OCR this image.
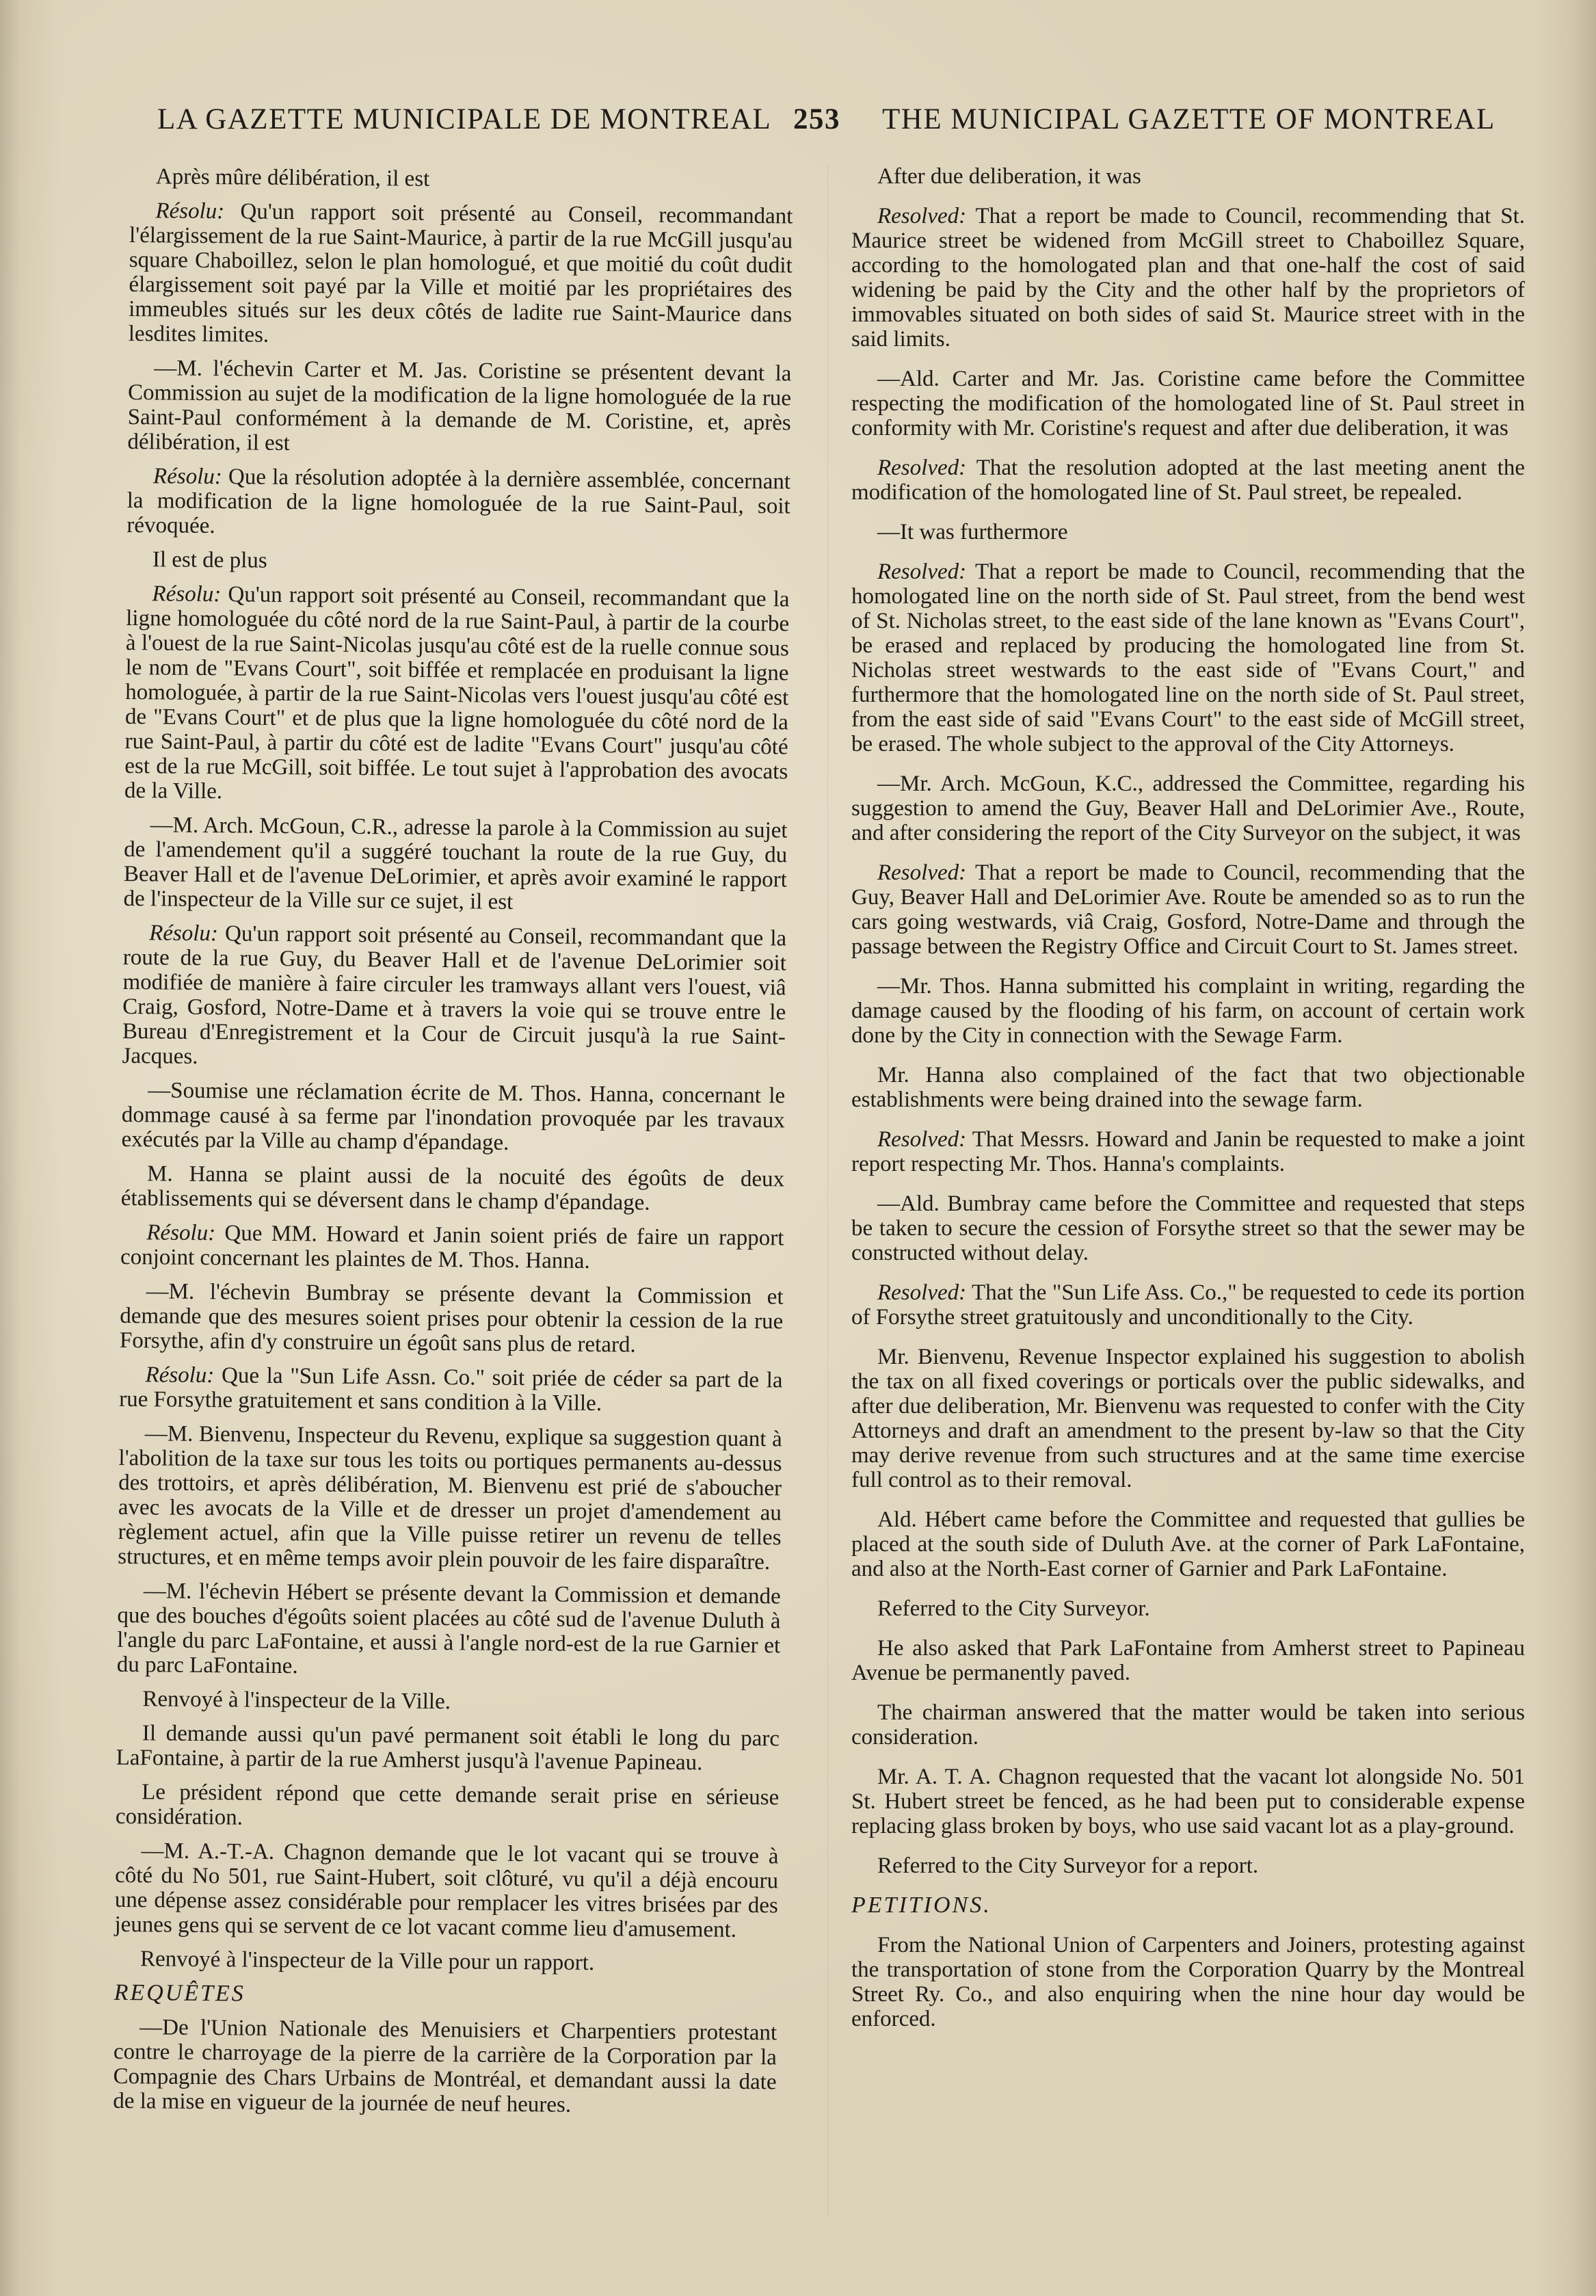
LA GAZETTE MUNICIPALE DE MONTREAL 253 THE MUNICIPAL GAZETTE OF MONTREAL

Après mûre délibération, il est

Résolu: Qu'un rapport soit présenté au Conseil, recommandant l'élargissement de la rue Saint-Maurice, à partir de la rue McGill jusqu'au square Chaboillez, selon le plan homologué, et que moitié du coût dudit élargissement soit payé par la Ville et moitié par les propriétaires des immeubles situés sur les deux côtés de ladite rue Saint-Maurice dans lesdites limites.

—M. l'échevin Carter et M. Jas. Coristine se présentent devant la Commission au sujet de la modification de la ligne homologuée de la rue Saint-Paul conformément à la demande de M. Coristine, et, après délibération, il est

Résolu: Que la résolution adoptée à la dernière assemblée, concernant la modification de la ligne homologuée de la rue Saint-Paul, soit révoquée.

Il est de plus

Résolu: Qu'un rapport soit présenté au Conseil, recommandant que la ligne homologuée du côté nord de la rue Saint-Paul, à partir de la courbe à l'ouest de la rue Saint-Nicolas jusqu'au côté est de la ruelle connue sous le nom de "Evans Court", soit biffée et remplacée en produisant la ligne homologuée, à partir de la rue Saint-Nicolas vers l'ouest jusqu'au côté est de "Evans Court" et de plus que la ligne homologuée du côté nord de la rue Saint-Paul, à partir du côté est de ladite "Evans Court" jusqu'au côté est de la rue McGill, soit biffée. Le tout sujet à l'approbation des avocats de la Ville.

—M. Arch. McGoun, C.R., adresse la parole à la Commission au sujet de l'amendement qu'il a suggéré touchant la route de la rue Guy, du Beaver Hall et de l'avenue DeLorimier, et après avoir examiné le rapport de l'inspecteur de la Ville sur ce sujet, il est

Résolu: Qu'un rapport soit présenté au Conseil, recommandant que la route de la rue Guy, du Beaver Hall et de l'avenue DeLorimier soit modifiée de manière à faire circuler les tramways allant vers l'ouest, viâ Craig, Gosford, Notre-Dame et à travers la voie qui se trouve entre le Bureau d'Enregistrement et la Cour de Circuit jusqu'à la rue Saint-Jacques.

—Soumise une réclamation écrite de M. Thos. Hanna, concernant le dommage causé à sa ferme par l'inondation provoquée par les travaux exécutés par la Ville au champ d'épandage.

M. Hanna se plaint aussi de la nocuité des égoûts de deux établissements qui se déversent dans le champ d'épandage.

Résolu: Que MM. Howard et Janin soient priés de faire un rapport conjoint concernant les plaintes de M. Thos. Hanna.

—M. l'échevin Bumbray se présente devant la Commission et demande que des mesures soient prises pour obtenir la cession de la rue Forsythe, afin d'y construire un égoût sans plus de retard.

Résolu: Que la "Sun Life Assn. Co." soit priée de céder sa part de la rue Forsythe gratuitement et sans condition à la Ville.

—M. Bienvenu, Inspecteur du Revenu, explique sa suggestion quant à l'abolition de la taxe sur tous les toits ou portiques permanents au-dessus des trottoirs, et après délibération, M. Bienvenu est prié de s'aboucher avec les avocats de la Ville et de dresser un projet d'amendement au règlement actuel, afin que la Ville puisse retirer un revenu de telles structures, et en même temps avoir plein pouvoir de les faire disparaître.

—M. l'échevin Hébert se présente devant la Commission et demande que des bouches d'égoûts soient placées au côté sud de l'avenue Duluth à l'angle du parc LaFontaine, et aussi à l'angle nord-est de la rue Garnier et du parc LaFontaine.

Renvoyé à l'inspecteur de la Ville.

Il demande aussi qu'un pavé permanent soit établi le long du parc LaFontaine, à partir de la rue Amherst jusqu'à l'avenue Papineau.

Le président répond que cette demande serait prise en sérieuse considération.

—M. A.-T.-A. Chagnon demande que le lot vacant qui se trouve à côté du No 501, rue Saint-Hubert, soit clôturé, vu qu'il a déjà encouru une dépense assez considérable pour remplacer les vitres brisées par des jeunes gens qui se servent de ce lot vacant comme lieu d'amusement.

Renvoyé à l'inspecteur de la Ville pour un rapport.

REQUÊTES

—De l'Union Nationale des Menuisiers et Charpentiers protestant contre le charroyage de la pierre de la carrière de la Corporation par la Compagnie des Chars Urbains de Montréal, et demandant aussi la date de la mise en vigueur de la journée de neuf heures.

After due deliberation, it was

Resolved: That a report be made to Council, recommending that St. Maurice street be widened from McGill street to Chaboillez Square, according to the homologated plan and that one-half the cost of said widening be paid by the City and the other half by the proprietors of immovables situated on both sides of said St. Maurice street with in the said limits.

—Ald. Carter and Mr. Jas. Coristine came before the Committee respecting the modification of the homologated line of St. Paul street in conformity with Mr. Coristine's request and after due deliberation, it was

Resolved: That the resolution adopted at the last meeting anent the modification of the homologated line of St. Paul street, be repealed.

—It was furthermore

Resolved: That a report be made to Council, recommending that the homologated line on the north side of St. Paul street, from the bend west of St. Nicholas street, to the east side of the lane known as "Evans Court", be erased and replaced by producing the homologated line from St. Nicholas street westwards to the east side of "Evans Court," and furthermore that the homologated line on the north side of St. Paul street, from the east side of said "Evans Court" to the east side of McGill street, be erased. The whole subject to the approval of the City Attorneys.

—Mr. Arch. McGoun, K.C., addressed the Committee, regarding his suggestion to amend the Guy, Beaver Hall and DeLorimier Ave., Route, and after considering the report of the City Surveyor on the subject, it was

Resolved: That a report be made to Council, recommending that the Guy, Beaver Hall and DeLorimier Ave. Route be amended so as to run the cars going westwards, viâ Craig, Gosford, Notre-Dame and through the passage between the Registry Office and Circuit Court to St. James street.

—Mr. Thos. Hanna submitted his complaint in writing, regarding the damage caused by the flooding of his farm, on account of certain work done by the City in connection with the Sewage Farm.

Mr. Hanna also complained of the fact that two objectionable establishments were being drained into the sewage farm.

Resolved: That Messrs. Howard and Janin be requested to make a joint report respecting Mr. Thos. Hanna's complaints.

—Ald. Bumbray came before the Committee and requested that steps be taken to secure the cession of Forsythe street so that the sewer may be constructed without delay.

Resolved: That the "Sun Life Ass. Co.," be requested to cede its portion of Forsythe street gratuitously and unconditionally to the City.

Mr. Bienvenu, Revenue Inspector explained his suggestion to abolish the tax on all fixed coverings or porticals over the public sidewalks, and after due deliberation, Mr. Bienvenu was requested to confer with the City Attorneys and draft an amendment to the present by-law so that the City may derive revenue from such structures and at the same time exercise full control as to their removal.

Ald. Hébert came before the Committee and requested that gullies be placed at the south side of Duluth Ave. at the corner of Park LaFontaine, and also at the North-East corner of Garnier and Park LaFontaine.

Referred to the City Surveyor.

He also asked that Park LaFontaine from Amherst street to Papineau Avenue be permanently paved.

The chairman answered that the matter would be taken into serious consideration.

Mr. A. T. A. Chagnon requested that the vacant lot alongside No. 501 St. Hubert street be fenced, as he had been put to considerable expense replacing glass broken by boys, who use said vacant lot as a play-ground.

Referred to the City Surveyor for a report.

PETITIONS.

From the National Union of Carpenters and Joiners, protesting against the transportation of stone from the Corporation Quarry by the Montreal Street Ry. Co., and also enquiring when the nine hour day would be enforced.
